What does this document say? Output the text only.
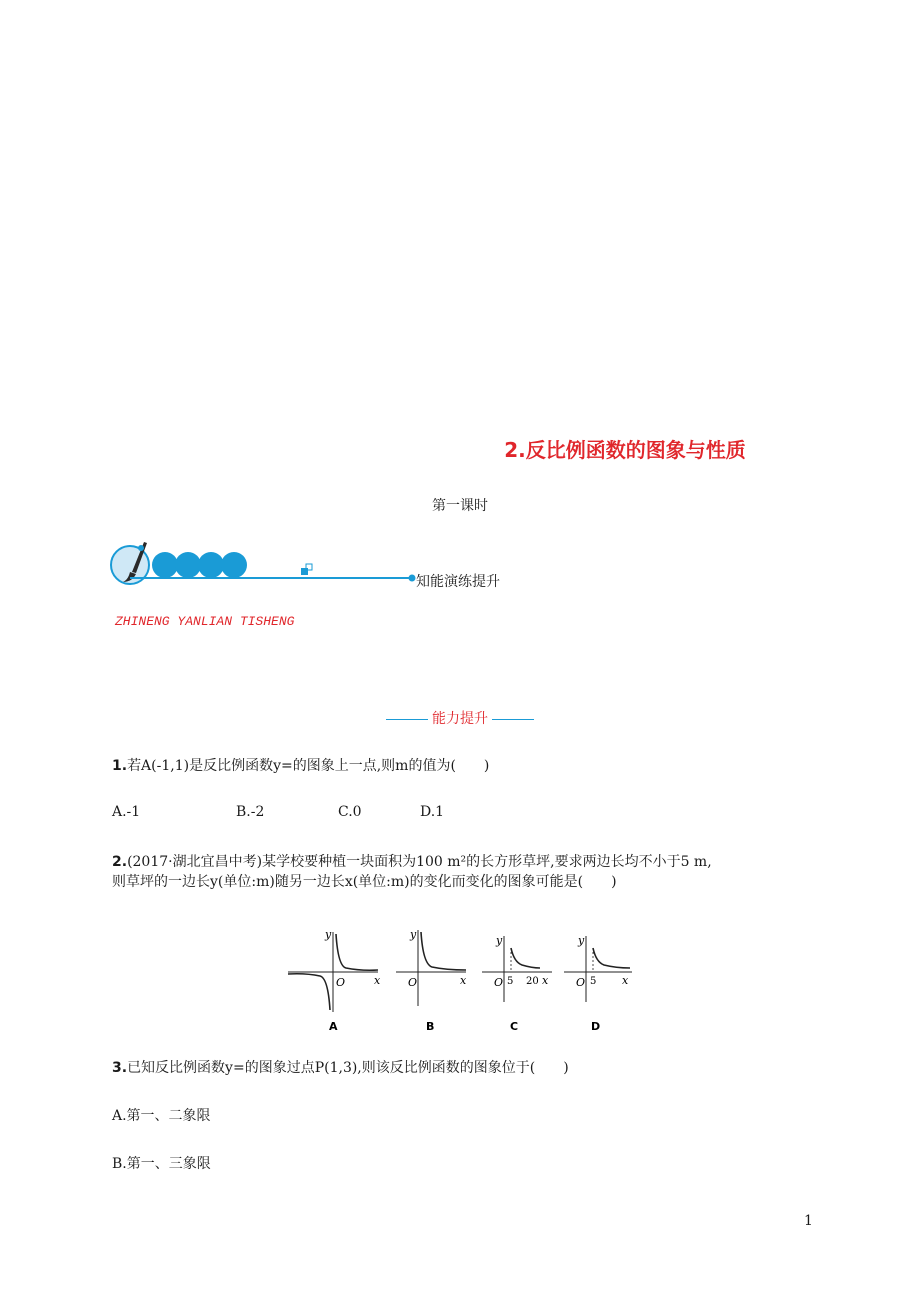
2.反比例函数的图象与性质
第一课时
知能演练提升
ZHINENG YANLIAN TISHENG
能力提升
1.若A(-1,1)是反比例函数y=的图象上一点,则m的值为(　　)
A.-1	B.-2	C.0	D.1
2.(2017·湖北宜昌中考)某学校要种植一块面积为100 m²的长方形草坪,要求两边长均不小于5 m,
则草坪的一边长y(单位:m)随另一边长x(单位:m)的变化而变化的图象可能是(　　)
y
x
O
A
y
x
O
B
y
x
O 5 20
C
y
x
O 5
D
3.已知反比例函数y=的图象过点P(1,3),则该反比例函数的图象位于(　　)
A.第一、二象限
B.第一、三象限
1
